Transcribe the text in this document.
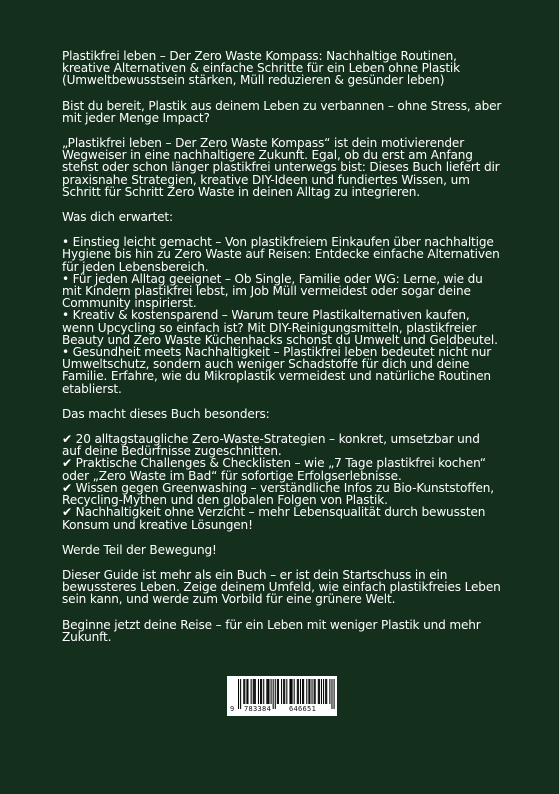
Plastikfrei leben – Der Zero Waste Kompass: Nachhaltige Routinen, kreative Alternativen & einfache Schritte für ein Leben ohne Plastik (Umweltbewusstsein stärken, Müll reduzieren & gesünder leben)

Bist du bereit, Plastik aus deinem Leben zu verbannen – ohne Stress, aber mit jeder Menge Impact?

„Plastikfrei leben – Der Zero Waste Kompass“ ist dein motivierender Wegweiser in eine nachhaltigere Zukunft. Egal, ob du erst am Anfang stehst oder schon länger plastikfrei unterwegs bist: Dieses Buch liefert dir praxisnahe Strategien, kreative DIY-Ideen und fundiertes Wissen, um Schritt für Schritt Zero Waste in deinen Alltag zu integrieren.

Was dich erwartet:

• Einstieg leicht gemacht – Von plastikfreiem Einkaufen über nachhaltige Hygiene bis hin zu Zero Waste auf Reisen: Entdecke einfache Alternativen für jeden Lebensbereich.

• Für jeden Alltag geeignet – Ob Single, Familie oder WG: Lerne, wie du mit Kindern plastikfrei lebst, im Job Müll vermeidest oder sogar deine Community inspirierst.

• Kreativ & kostensparend – Warum teure Plastikalternativen kaufen, wenn Upcycling so einfach ist? Mit DIY-Reinigungsmitteln, plastikfreier Beauty und Zero Waste Küchenhacks schonst du Umwelt und Geldbeutel.

• Gesundheit meets Nachhaltigkeit – Plastikfrei leben bedeutet nicht nur Umweltschutz, sondern auch weniger Schadstoffe für dich und deine Familie. Erfahre, wie du Mikroplastik vermeidest und natürliche Routinen etablierst.

Das macht dieses Buch besonders:

✔ 20 alltagstaugliche Zero-Waste-Strategien – konkret, umsetzbar und auf deine Bedürfnisse zugeschnitten.

✔ Praktische Challenges & Checklisten – wie „7 Tage plastikfrei kochen“ oder „Zero Waste im Bad“ für sofortige Erfolgserlebnisse.

✔ Wissen gegen Greenwashing – verständliche Infos zu Bio-Kunststoffen, Recycling-Mythen und den globalen Folgen von Plastik.

✔ Nachhaltigkeit ohne Verzicht – mehr Lebensqualität durch bewussten Konsum und kreative Lösungen!

Werde Teil der Bewegung!

Dieser Guide ist mehr als ein Buch – er ist dein Startschuss in ein bewussteres Leben. Zeige deinem Umfeld, wie einfach plastikfreies Leben sein kann, und werde zum Vorbild für eine grünere Welt.

Beginne jetzt deine Reise – für ein Leben mit weniger Plastik und mehr Zukunft.

9 783384	646651
